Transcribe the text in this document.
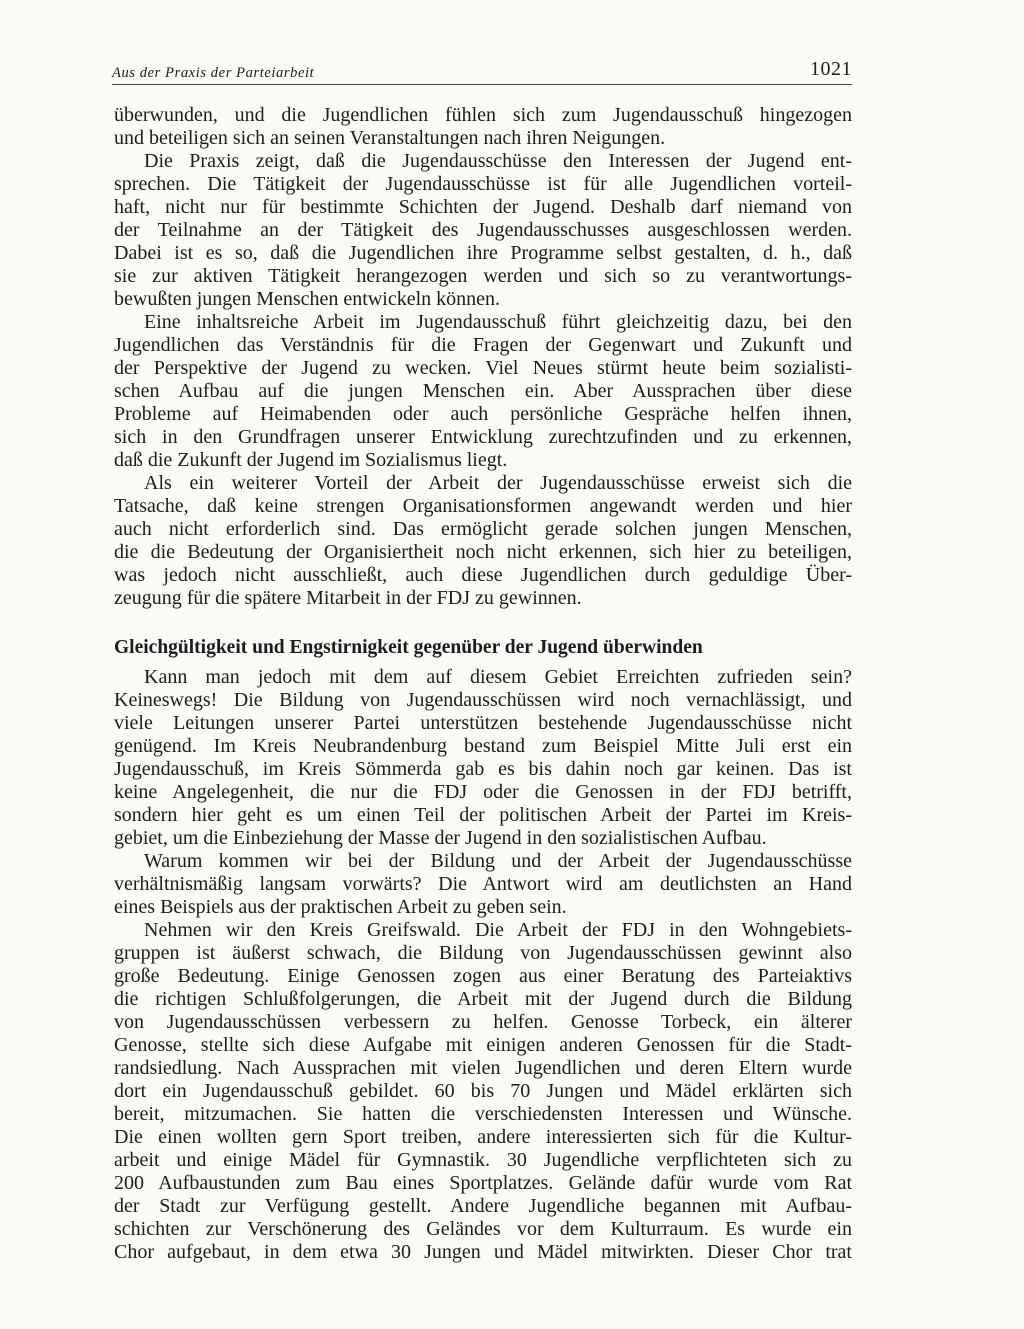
Aus der Praxis der Parteiarbeit	1021
überwunden, und die Jugendlichen fühlen sich zum Jugendausschuß hingezogen
und beteiligen sich an seinen Veranstaltungen nach ihren Neigungen.
Die Praxis zeigt, daß die Jugendausschüsse den Interessen der Jugend ent-
sprechen. Die Tätigkeit der Jugendausschüsse ist für alle Jugendlichen vorteil-
haft, nicht nur für bestimmte Schichten der Jugend. Deshalb darf niemand von
der Teilnahme an der Tätigkeit des Jugendausschusses ausgeschlossen werden.
Dabei ist es so, daß die Jugendlichen ihre Programme selbst gestalten, d. h., daß
sie zur aktiven Tätigkeit herangezogen werden und sich so zu verantwortungs-
bewußten jungen Menschen entwickeln können.
Eine inhaltsreiche Arbeit im Jugendausschuß führt gleichzeitig dazu, bei den
Jugendlichen das Verständnis für die Fragen der Gegenwart und Zukunft und
der Perspektive der Jugend zu wecken. Viel Neues stürmt heute beim sozialisti-
schen Aufbau auf die jungen Menschen ein. Aber Aussprachen über diese
Probleme auf Heimabenden oder auch persönliche Gespräche helfen ihnen,
sich in den Grundfragen unserer Entwicklung zurechtzufinden und zu erkennen,
daß die Zukunft der Jugend im Sozialismus liegt.
Als ein weiterer Vorteil der Arbeit der Jugendausschüsse erweist sich die
Tatsache, daß keine strengen Organisationsformen angewandt werden und hier
auch nicht erforderlich sind. Das ermöglicht gerade solchen jungen Menschen,
die die Bedeutung der Organisiertheit noch nicht erkennen, sich hier zu beteiligen,
was jedoch nicht ausschließt, auch diese Jugendlichen durch geduldige Über-
zeugung für die spätere Mitarbeit in der FDJ zu gewinnen.
Gleichgültigkeit und Engstirnigkeit gegenüber der Jugend überwinden
Kann man jedoch mit dem auf diesem Gebiet Erreichten zufrieden sein?
Keineswegs! Die Bildung von Jugendausschüssen wird noch vernachlässigt, und
viele Leitungen unserer Partei unterstützen bestehende Jugendausschüsse nicht
genügend. Im Kreis Neubrandenburg bestand zum Beispiel Mitte Juli erst ein
Jugendausschuß, im Kreis Sömmerda gab es bis dahin noch gar keinen. Das ist
keine Angelegenheit, die nur die FDJ oder die Genossen in der FDJ betrifft,
sondern hier geht es um einen Teil der politischen Arbeit der Partei im Kreis-
gebiet, um die Einbeziehung der Masse der Jugend in den sozialistischen Aufbau.
Warum kommen wir bei der Bildung und der Arbeit der Jugendausschüsse
verhältnismäßig langsam vorwärts? Die Antwort wird am deutlichsten an Hand
eines Beispiels aus der praktischen Arbeit zu geben sein.
Nehmen wir den Kreis Greifswald. Die Arbeit der FDJ in den Wohngebiets-
gruppen ist äußerst schwach, die Bildung von Jugendausschüssen gewinnt also
große Bedeutung. Einige Genossen zogen aus einer Beratung des Parteiaktivs
die richtigen Schlußfolgerungen, die Arbeit mit der Jugend durch die Bildung
von Jugendausschüssen verbessern zu helfen. Genosse Torbeck, ein älterer
Genosse, stellte sich diese Aufgabe mit einigen anderen Genossen für die Stadt-
randsiedlung. Nach Aussprachen mit vielen Jugendlichen und deren Eltern wurde
dort ein Jugendausschuß gebildet. 60 bis 70 Jungen und Mädel erklärten sich
bereit, mitzumachen. Sie hatten die verschiedensten Interessen und Wünsche.
Die einen wollten gern Sport treiben, andere interessierten sich für die Kultur-
arbeit und einige Mädel für Gymnastik. 30 Jugendliche verpflichteten sich zu
200 Aufbaustunden zum Bau eines Sportplatzes. Gelände dafür wurde vom Rat
der Stadt zur Verfügung gestellt. Andere Jugendliche begannen mit Aufbau-
schichten zur Verschönerung des Geländes vor dem Kulturraum. Es wurde ein
Chor aufgebaut, in dem etwa 30 Jungen und Mädel mitwirkten. Dieser Chor trat
